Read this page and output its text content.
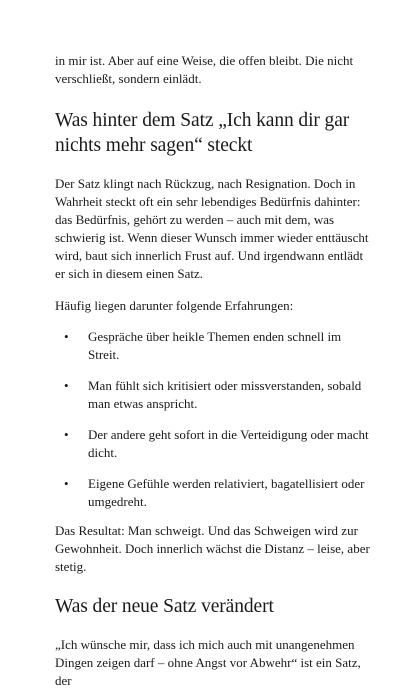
in mir ist. Aber auf eine Weise, die offen bleibt. Die nicht verschließt, sondern einlädt.

Was hinter dem Satz „Ich kann dir gar nichts mehr sagen“ steckt

Der Satz klingt nach Rückzug, nach Resignation. Doch in Wahrheit steckt oft ein sehr lebendiges Bedürfnis dahinter: das Bedürfnis, gehört zu werden – auch mit dem, was schwierig ist. Wenn dieser Wunsch immer wieder enttäuscht wird, baut sich innerlich Frust auf. Und irgendwann entlädt er sich in diesem einen Satz.

Häufig liegen darunter folgende Erfahrungen:

• Gespräche über heikle Themen enden schnell im Streit.
• Man fühlt sich kritisiert oder missverstanden, sobald man etwas anspricht.
• Der andere geht sofort in die Verteidigung oder macht dicht.
• Eigene Gefühle werden relativiert, bagatellisiert oder umgedreht.

Das Resultat: Man schweigt. Und das Schweigen wird zur Gewohnheit. Doch innerlich wächst die Distanz – leise, aber stetig.

Was der neue Satz verändert

„Ich wünsche mir, dass ich mich auch mit unangenehmen Dingen zeigen darf – ohne Angst vor Abwehr“ ist ein Satz, der
